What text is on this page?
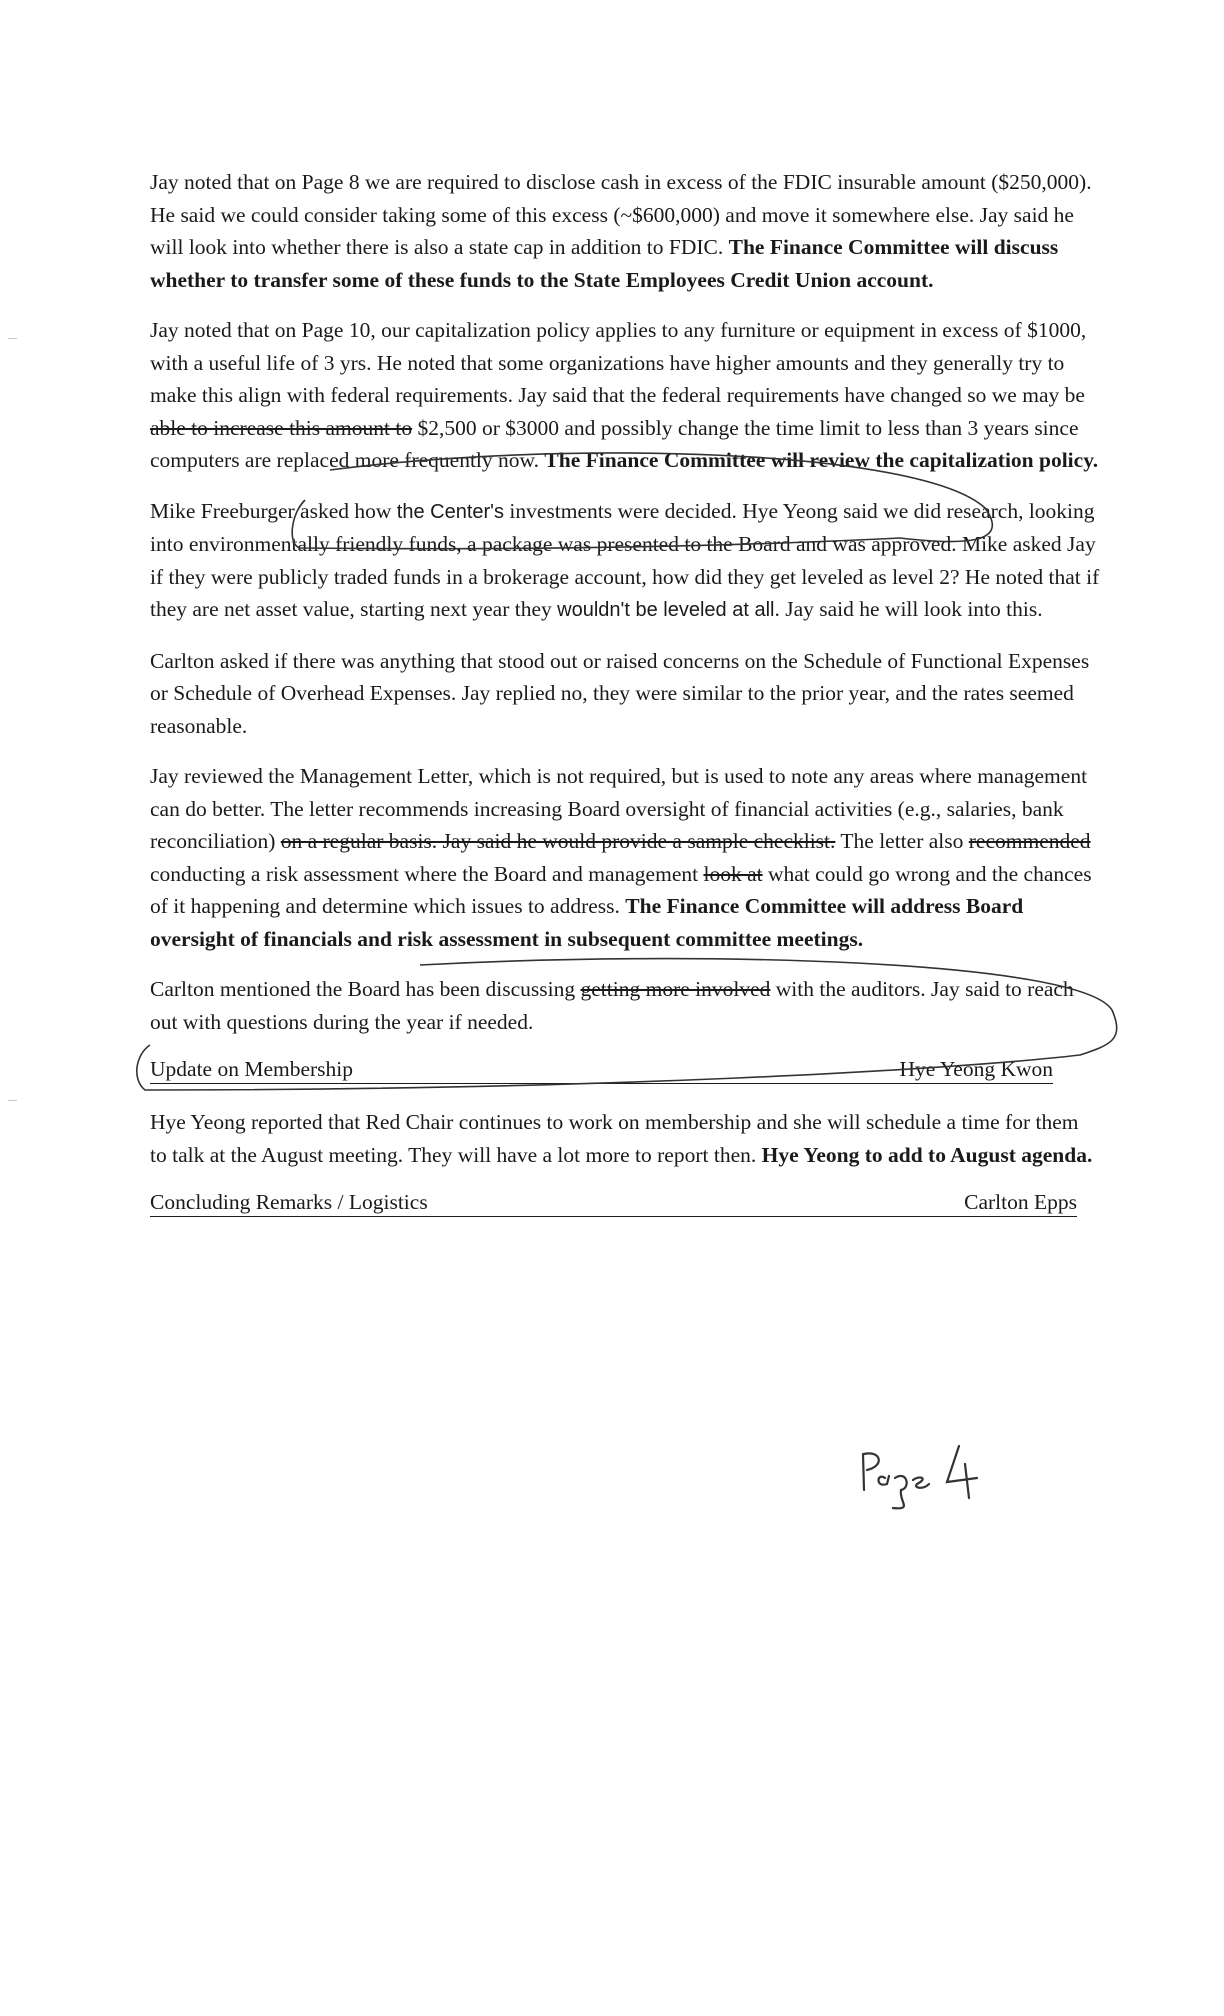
Jay noted that on Page 8 we are required to disclose cash in excess of the FDIC insurable amount ($250,000). He said we could consider taking some of this excess (~$600,000) and move it somewhere else. Jay said he will look into whether there is also a state cap in addition to FDIC. The Finance Committee will discuss whether to transfer some of these funds to the State Employees Credit Union account.

Jay noted that on Page 10, our capitalization policy applies to any furniture or equipment in excess of $1000, with a useful life of 3 yrs. He noted that some organizations have higher amounts and they generally try to make this align with federal requirements. Jay said that the federal requirements have changed so we may be able to increase this amount to $2,500 or $3000 and possibly change the time limit to less than 3 years since computers are replaced more frequently now. The Finance Committee will review the capitalization policy.

Mike Freeburger asked how the Center's investments were decided. Hye Yeong said we did research, looking into environmentally friendly funds, a package was presented to the Board and was approved. Mike asked Jay if they were publicly traded funds in a brokerage account, how did they get leveled as level 2? He noted that if they are net asset value, starting next year they wouldn't be leveled at all. Jay said he will look into this.

Carlton asked if there was anything that stood out or raised concerns on the Schedule of Functional Expenses or Schedule of Overhead Expenses. Jay replied no, they were similar to the prior year, and the rates seemed reasonable.

Jay reviewed the Management Letter, which is not required, but is used to note any areas where management can do better. The letter recommends increasing Board oversight of financial activities (e.g., salaries, bank reconciliation) on a regular basis. Jay said he would provide a sample checklist. The letter also recommended conducting a risk assessment where the Board and management look at what could go wrong and the chances of it happening and determine which issues to address. The Finance Committee will address Board oversight of financials and risk assessment in subsequent committee meetings.

Carlton mentioned the Board has been discussing getting more involved with the auditors. Jay said to reach out with questions during the year if needed.

Update on Membership	Hye Yeong Kwon

Hye Yeong reported that Red Chair continues to work on membership and she will schedule a time for them to talk at the August meeting. They will have a lot more to report then. Hye Yeong to add to August agenda.

Concluding Remarks / Logistics	Carlton Epps
